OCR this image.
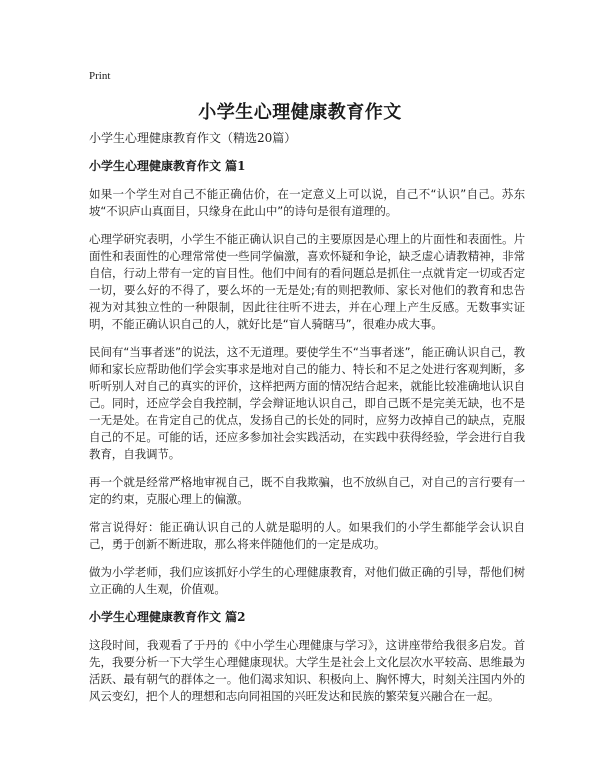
Print
小学生心理健康教育作文
小学生心理健康教育作文（精选20篇）
小学生心理健康教育作文 篇1

如果一个学生对自己不能正确估价，在一定意义上可以说，自己不“认识”自己。苏东坡“不识庐山真面目，只缘身在此山中”的诗句是很有道理的。

心理学研究表明，小学生不能正确认识自己的主要原因是心理上的片面性和表面性。片面性和表面性的心理常常使一些同学偏激，喜欢怀疑和争论，缺乏虚心请教精神，非常自信，行动上带有一定的盲目性。他们中间有的看问题总是抓住一点就肯定一切或否定一切，要么好的不得了，要么坏的一无是处;有的则把教师、家长对他们的教育和忠告视为对其独立性的一种限制，因此往往听不进去，并在心理上产生反感。无数事实证明，不能正确认识自己的人，就好比是“盲人骑瞎马”，很难办成大事。

民间有“当事者迷”的说法，这不无道理。要使学生不“当事者迷”，能正确认识自己，教师和家长应帮助他们学会实事求是地对自己的能力、特长和不足之处进行客观判断，多听听别人对自己的真实的评价，这样把两方面的情况结合起来，就能比较准确地认识自己。同时，还应学会自我控制，学会辩证地认识自己，即自己既不是完美无缺，也不是一无是处。在肯定自己的优点，发扬自己的长处的同时，应努力改掉自己的缺点，克服自己的不足。可能的话，还应多参加社会实践活动，在实践中获得经验，学会进行自我教育，自我调节。

再一个就是经常严格地审视自己，既不自我欺骗，也不放纵自己，对自己的言行要有一定的约束，克服心理上的偏激。

常言说得好：能正确认识自己的人就是聪明的人。如果我们的小学生都能学会认识自己，勇于创新不断进取，那么将来伴随他们的一定是成功。

做为小学老师，我们应该抓好小学生的心理健康教育，对他们做正确的引导，帮他们树立正确的人生观，价值观。

小学生心理健康教育作文 篇2

这段时间，我观看了于丹的《中小学生心理健康与学习》，这讲座带给我很多启发。首先，我要分析一下大学生心理健康现状。大学生是社会上文化层次水平较高、思维最为活跃、最有朝气的群体之一。他们渴求知识、积极向上、胸怀博大，时刻关注国内外的风云变幻，把个人的理想和志向同祖国的兴旺发达和民族的繁荣复兴融合在一起。
